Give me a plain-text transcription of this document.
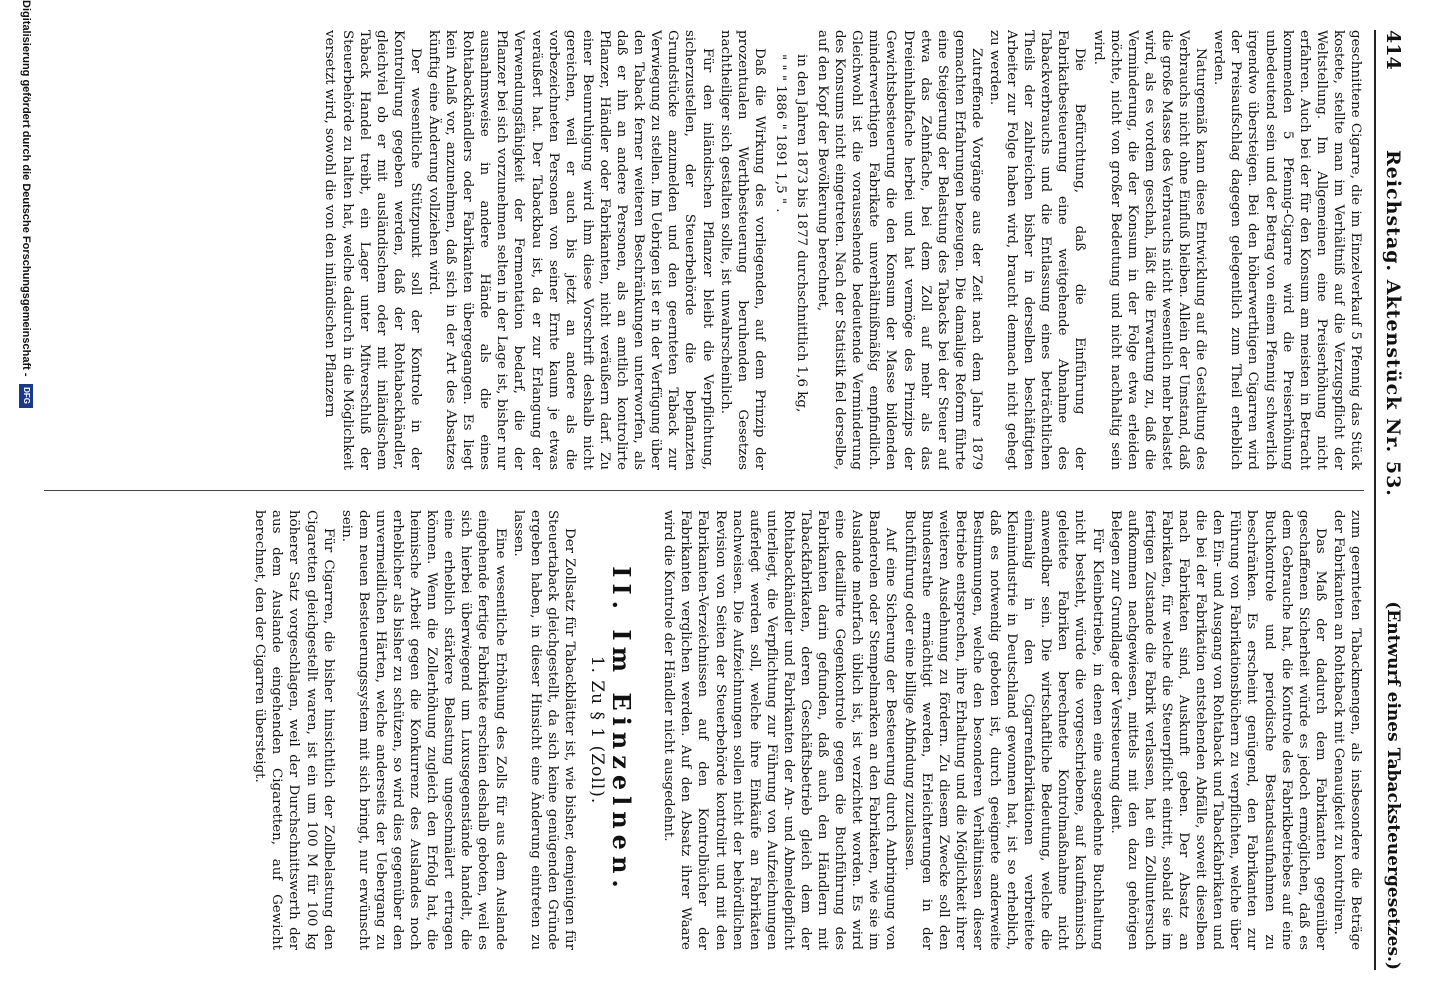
414
Reichstag. Aktenstück Nr. 53.
(Entwurf eines Tabacksteuergesetzes.)

geschnittene Cigarre, die im Einzelverkauf 5 Pfennig das Stück kostete, stellte man im Verhältniß auf die Verzugspflicht der Weltstellung. Im Allgemeinen eine Preiserhöhung nicht erfahren. Auch bei der für den Konsum am meisten in Betracht kommenden 5 Pfennig-Cigarre wird die Preiserhöhung unbedeutend sein und der Betrag von einem Pfennig schwerlich irgendwo übersteigen. Bei den höherwerthigen Cigarren wird der Preisaufschlag dagegen gelegentlich zum Theil erheblich werden.

Naturgemäß kann diese Entwicklung auf die Gestaltung des Verbrauchs nicht ohne Einfluß bleiben. Allein der Umstand, daß die große Masse des Verbrauchs nicht wesentlich mehr belastet wird, als es vordem geschah, läßt die Erwartung zu, daß die Verminderung, die der Konsum in der Folge etwa erleiden möchte, nicht von großer Bedeutung und nicht nachhaltig sein wird.

Die Befürchtung, daß die Einführung der Fabrikatbesteuerung eine weitgehende Abnahme des Tabackverbrauchs und die Entlassung eines beträchtlichen Theils der zahlreichen bisher in derselben beschäftigten Arbeiter zur Folge haben wird, braucht demnach nicht gehegt zu werden.

Zutreffende Vorgänge aus der Zeit nach dem Jahre 1879 gemachten Erfahrungen bezeugen. Die damalige Reform führte eine Steigerung der Belastung des Tabacks bei der Steuer auf etwa das Zehnfache, bei dem Zoll auf mehr als das Dreieinhalbfache herbei und hat vermöge des Prinzips der Gewichtsbesteuerung die den Konsum der Masse bildenden minderwerthigen Fabrikate unverhältnißmäßig empfindlich. Gleichwohl ist die voraussehende bedeutende Verminderung des Konsums nicht eingetreten. Nach der Statistik fiel derselbe, auf den Kopf der Bevölkerung berechnet,

in den Jahren 1873 bis 1877 durchschnittlich 1,6 kg,

" " " 1886 " 1891 1,5 " .

Daß die Wirkung des vorliegenden, auf dem Prinzip der prozentualen Werthbesteuerung beruhenden Gesetzes nachtheiliger sich gestalten sollte, ist unwahrscheinlich.

Für den inländischen Pflanzer bleibt die Verpflichtung, sicherzustellen, der Steuerbehörde die bepflanzten Grundstücke anzumelden und den geernteten Taback zur Verwiegung zu stellen. Im Uebrigen ist er in der Verfügung über den Taback ferner weiteren Beschränkungen unterworfen, als daß er ihn an andere Personen, als an amtlich kontrolirte Pflanzer, Händler oder Fabrikanten, nicht veräußern darf. Zu einer Beunruhigung wird ihm diese Vorschrift deshalb nicht gereichen, weil er auch bis jetzt an andere als die vorbezeichneten Personen von seiner Ernte kaum je etwas veräußert hat. Der Tabackbau ist, da er zur Erlangung der Verwendungsfähigkeit der Fermentation bedarf, die der Pflanzer bei sich vorzunehmen selten in der Lage ist, bisher nur ausnahmsweise in andere Hände als die eines Rohtabackhändlers oder Fabrikanten übergegangen. Es liegt kein Anlaß vor, anzunehmen, daß sich in der Art des Absatzes künftig eine Änderung vollziehen wird.

Der wesentliche Stützpunkt soll der Kontrole in der Kontrolirung gegeben werden, daß der Rohtabackhändler, gleichviel ob er mit ausländischem oder mit inländischem Taback Handel treibt, ein Lager unter Mitverschluß der Steuerbehörde zu halten hat, welche dadurch in die Möglichkeit versetzt wird, sowohl die von den inländischen Pflanzern

zum geernteten Tabackmengen, als insbesondere die Beträge der Fabrikanten an Rohtaback mit Genauigkeit zu kontroliren.

Das Maß der dadurch dem Fabrikanten gegenüber geschaffenen Sicherheit würde es jedoch ermöglichen, daß es dem Gebrauche hat, die Kontrole des Fabrikbetriebes auf eine Buchkontrole und periodische Bestandsaufnahmen zu beschränken. Es erscheint genügend, den Fabrikanten zur Führung von Fabrikationsbüchern zu verpflichten, welche über den Ein- und Ausgang von Rohtaback und Tabackfabrikaten und die bei der Fabrikation entstehenden Abfälle, soweit dieselben nach Fabrikaten sind, Auskunft geben. Der Absatz an Fabrikaten, für welche die Steuerpflicht eintritt, sobald sie im fertigen Zustande die Fabrik verlassen, hat ein Zolluntersuch aufkommen nachgewiesen, mittels mit den dazu gehörigen Belegen zur Grundlage der Versteuerung dient.

Für Kleinbetriebe, in denen eine ausgedehnte Buchhaltung nicht besteht, würde die vorgeschriebene, auf kaufmännisch geleitete Fabriken berechnete Kontrolmaßnahme nicht anwendbar sein. Die wirtschaftliche Bedeutung, welche die einmalig in den Cigarrenfabrikationen verbreitete Kleinindustrie in Deutschland gewonnen hat, ist so erheblich, daß es notwendig geboten ist, durch geeignete anderweite Bestimmungen, welche den besonderen Verhältnissen dieser Betriebe entsprechen, ihre Erhaltung und die Möglichkeit ihrer weiteren Ausdehnung zu fördern. Zu diesem Zwecke soll den Bundesrathe ermächtigt werden, Erleichterungen in der Buchführung oder eine billige Abfindung zuzulassen.

Auf eine Sicherung der Besteuerung durch Anbringung von Banderolen oder Stempelmarken an den Fabrikaten, wie sie im Auslande mehrfach üblich ist, ist verzichtet worden. Es wird eine detaillirte Gegenkontrole gegen die Buchführung des Fabrikanten darin gefunden, daß auch den Händlern mit Tabackfabrikaten, deren Geschäftsbetrieb gleich dem der Rohtabackhändler und Fabrikanten der An- und Abmeldepflicht unterliegt, die Verpflichtung zur Führung von Aufzeichnungen auferlegt werden soll, welche ihre Einkäufe an Fabrikaten nachweisen. Die Aufzeichnungen sollen nicht der behördlichen Revision von Seiten der Steuerbehörde kontrolirt und mit den Fabrikanten-Verzeichnissen auf den Kontrolbücher der Fabrikanten verglichen werden. Auf den Absatz ihrer Waare wird die Kontrole der Händler nicht ausgedehnt.

II. Im Einzelnen.
1. Zu § 1 (Zoll).

Der Zollsatz für Tabackblätter ist, wie bisher, demjenigen für Steuertaback gleichgestellt, da sich keine genügenden Gründe ergeben haben, in dieser Hinsicht eine Änderung eintreten zu lassen.

Eine wesentliche Erhöhung des Zolls für aus dem Auslande eingehende fertige Fabrikate erschien deshalb geboten, weil es sich hierbei überwiegend um Luxusgegenstände handelt, die eine erheblich stärkere Belastung ungeschmälert ertragen können. Wenn die Zollerhöhung zugleich den Erfolg hat, die heimische Arbeit gegen die Konkurrenz des Auslandes noch erheblicher als bisher zu schützen, so wird dies gegenüber den unvermeidlichen Härten, welche anderseits der Uebergang zu dem neuen Besteuerungssystem mit sich bringt, nur erwünscht sein.

Für Cigarren, die bisher hinsichtlich der Zollbelastung den Cigaretten gleichgestellt waren, ist ein um 100 M für 100 kg höherer Satz vorgeschlagen, weil der Durchschnittswerth der aus dem Auslande eingehenden Cigaretten, auf Gewicht berechnet, den der Cigarren übersteigt.

Digitalisierung gefördert durch die Deutsche Forschungsgemeinschaft - DFG
